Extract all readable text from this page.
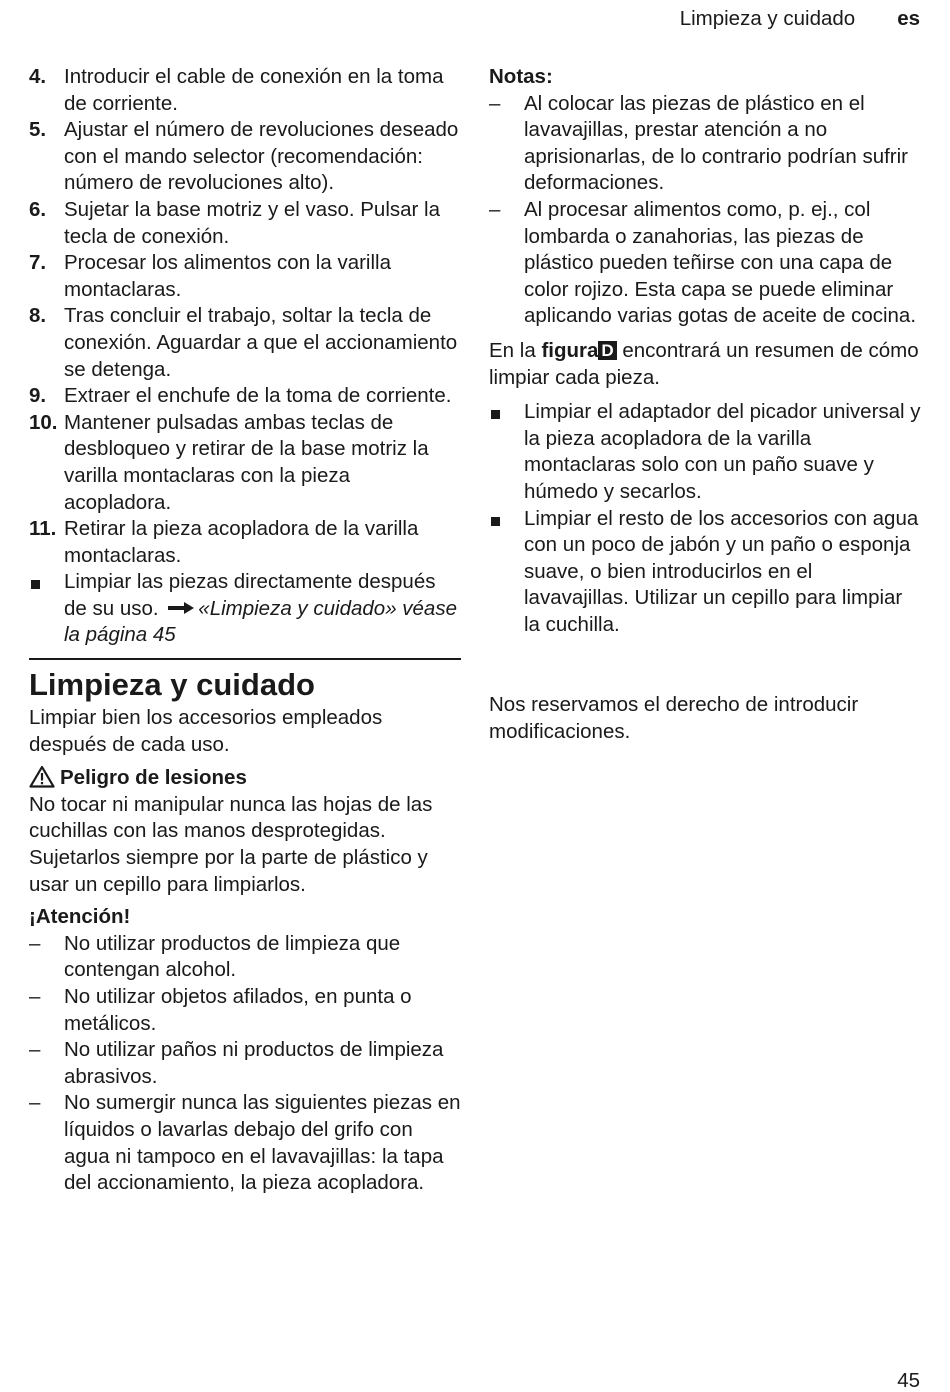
Limpieza y cuidado es
4. Introducir el cable de conexión en la toma de corriente.
5. Ajustar el número de revoluciones deseado con el mando selector (recomendación: número de revoluciones alto).
6. Sujetar la base motriz y el vaso. Pulsar la tecla de conexión.
7. Procesar los alimentos con la varilla montaclaras.
8. Tras concluir el trabajo, soltar la tecla de conexión. Aguardar a que el accionamiento se detenga.
9. Extraer el enchufe de la toma de corriente.
10. Mantener pulsadas ambas teclas de desbloqueo y retirar de la base motriz la varilla montaclaras con la pieza acopladora.
11. Retirar la pieza acopladora de la varilla montaclaras.
Limpiar las piezas directamente después de su uso. «Limpieza y cuidado» véase la página 45
Limpieza y cuidado
Limpiar bien los accesorios empleados después de cada uso.
Peligro de lesiones
No tocar ni manipular nunca las hojas de las cuchillas con las manos desprotegidas. Sujetarlos siempre por la parte de plástico y usar un cepillo para limpiarlos.
¡Atención!
– No utilizar productos de limpieza que contengan alcohol.
– No utilizar objetos afilados, en punta o metálicos.
– No utilizar paños ni productos de limpieza abrasivos.
– No sumergir nunca las siguientes piezas en líquidos o lavarlas debajo del grifo con agua ni tampoco en el lavavajillas: la tapa del accionamiento, la pieza acopladora.
Notas:
– Al colocar las piezas de plástico en el lavavajillas, prestar atención a no aprisionarlas, de lo contrario podrían sufrir deformaciones.
– Al procesar alimentos como, p. ej., col lombarda o zanahorias, las piezas de plástico pueden teñirse con una capa de color rojizo. Esta capa se puede eliminar aplicando varias gotas de aceite de cocina.
En la figura D encontrará un resumen de cómo limpiar cada pieza.
Limpiar el adaptador del picador universal y la pieza acopladora de la varilla montaclaras solo con un paño suave y húmedo y secarlos.
Limpiar el resto de los accesorios con agua con un poco de jabón y un paño o esponja suave, o bien introducirlos en el lavavajillas. Utilizar un cepillo para limpiar la cuchilla.
Nos reservamos el derecho de introducir modificaciones.
45
